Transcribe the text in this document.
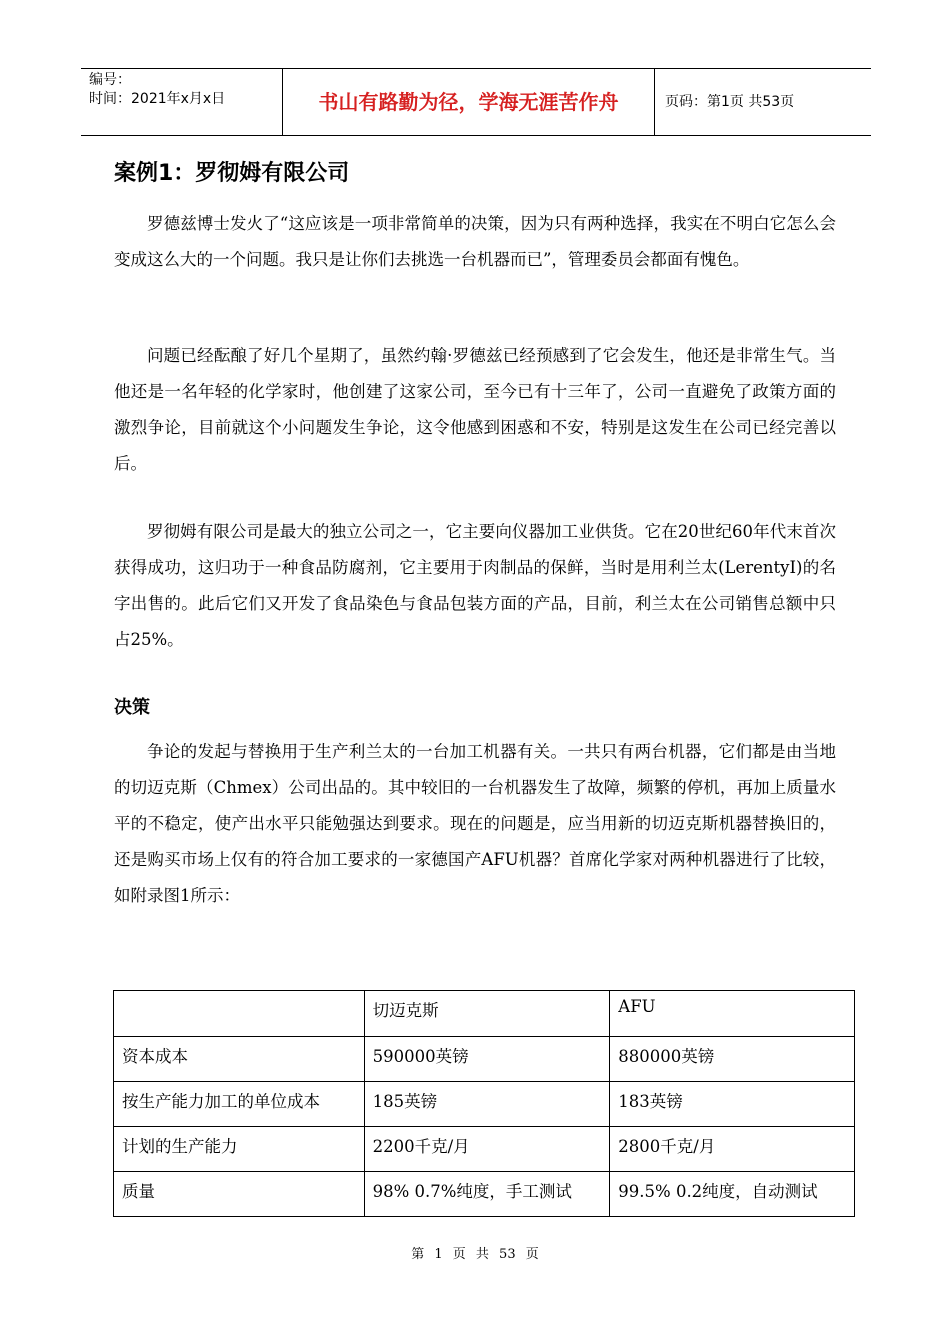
编号：
时间：2021年x月x日	书山有路勤为径，学海无涯苦作舟	页码：第1页 共53页
案例1：罗彻姆有限公司

罗德兹博士发火了“这应该是一项非常简单的决策，因为只有两种选择，我实在不明白它怎么会变成这么大的一个问题。我只是让你们去挑选一台机器而已”，管理委员会都面有愧色。

问题已经酝酿了好几个星期了，虽然约翰·罗德兹已经预感到了它会发生，他还是非常生气。当他还是一名年轻的化学家时，他创建了这家公司，至今已有十三年了，公司一直避免了政策方面的激烈争论，目前就这个小问题发生争论，这令他感到困惑和不安，特别是这发生在公司已经完善以后。

罗彻姆有限公司是最大的独立公司之一，它主要向仪器加工业供货。它在20世纪60年代末首次获得成功，这归功于一种食品防腐剂，它主要用于肉制品的保鲜，当时是用利兰太(LerentyI)的名字出售的。此后它们又开发了食品染色与食品包装方面的产品，目前，利兰太在公司销售总额中只占25%。

决策

争论的发起与替换用于生产利兰太的一台加工机器有关。一共只有两台机器，它们都是由当地的切迈克斯（Chmex）公司出品的。其中较旧的一台机器发生了故障，频繁的停机，再加上质量水平的不稳定，使产出水平只能勉强达到要求。现在的问题是，应当用新的切迈克斯机器替换旧的，还是购买市场上仅有的符合加工要求的一家德国产AFU机器？首席化学家对两种机器进行了比较，如附录图1所示：

	切迈克斯	AFU
资本成本	590000英镑	880000英镑
按生产能力加工的单位成本	185英镑	183英镑
计划的生产能力	2200千克/月	2800千克/月
质量	98% 0.7%纯度，手工测试	99.5% 0.2纯度，自动测试
第 1 页 共 53 页
